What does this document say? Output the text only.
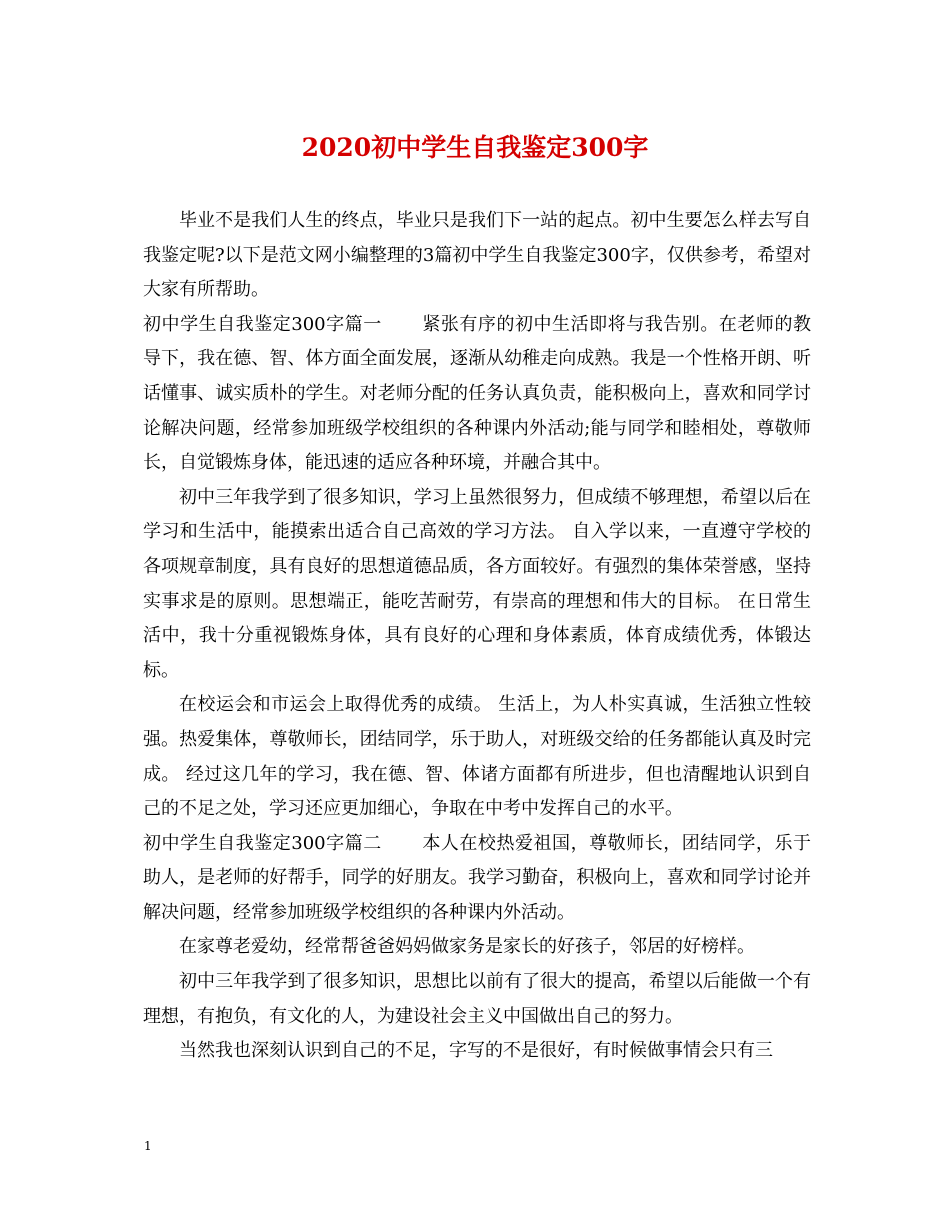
2020初中学生自我鉴定300字

毕业不是我们人生的终点，毕业只是我们下一站的起点。初中生要怎么样去写自我鉴定呢?以下是范文网小编整理的3篇初中学生自我鉴定300字，仅供参考，希望对大家有所帮助。

初中学生自我鉴定300字篇一 紧张有序的初中生活即将与我告别。在老师的教导下，我在德、智、体方面全面发展，逐渐从幼稚走向成熟。我是一个性格开朗、听话懂事、诚实质朴的学生。对老师分配的任务认真负责，能积极向上，喜欢和同学讨论解决问题，经常参加班级学校组织的各种课内外活动;能与同学和睦相处，尊敬师长，自觉锻炼身体，能迅速的适应各种环境，并融合其中。

初中三年我学到了很多知识，学习上虽然很努力，但成绩不够理想，希望以后在学习和生活中，能摸索出适合自己高效的学习方法。 自入学以来，一直遵守学校的各项规章制度，具有良好的思想道德品质，各方面较好。有强烈的集体荣誉感，坚持实事求是的原则。思想端正，能吃苦耐劳，有崇高的理想和伟大的目标。 在日常生活中，我十分重视锻炼身体，具有良好的心理和身体素质，体育成绩优秀，体锻达标。

在校运会和市运会上取得优秀的成绩。 生活上，为人朴实真诚，生活独立性较强。热爱集体，尊敬师长，团结同学，乐于助人，对班级交给的任务都能认真及时完成。 经过这几年的学习，我在德、智、体诸方面都有所进步，但也清醒地认识到自己的不足之处，学习还应更加细心，争取在中考中发挥自己的水平。

初中学生自我鉴定300字篇二 本人在校热爱祖国，尊敬师长，团结同学，乐于助人，是老师的好帮手，同学的好朋友。我学习勤奋，积极向上，喜欢和同学讨论并解决问题，经常参加班级学校组织的各种课内外活动。

在家尊老爱幼，经常帮爸爸妈妈做家务是家长的好孩子，邻居的好榜样。

初中三年我学到了很多知识，思想比以前有了很大的提高，希望以后能做一个有理想，有抱负，有文化的人，为建设社会主义中国做出自己的努力。

当然我也深刻认识到自己的不足，字写的不是很好，有时候做事情会只有三

1
